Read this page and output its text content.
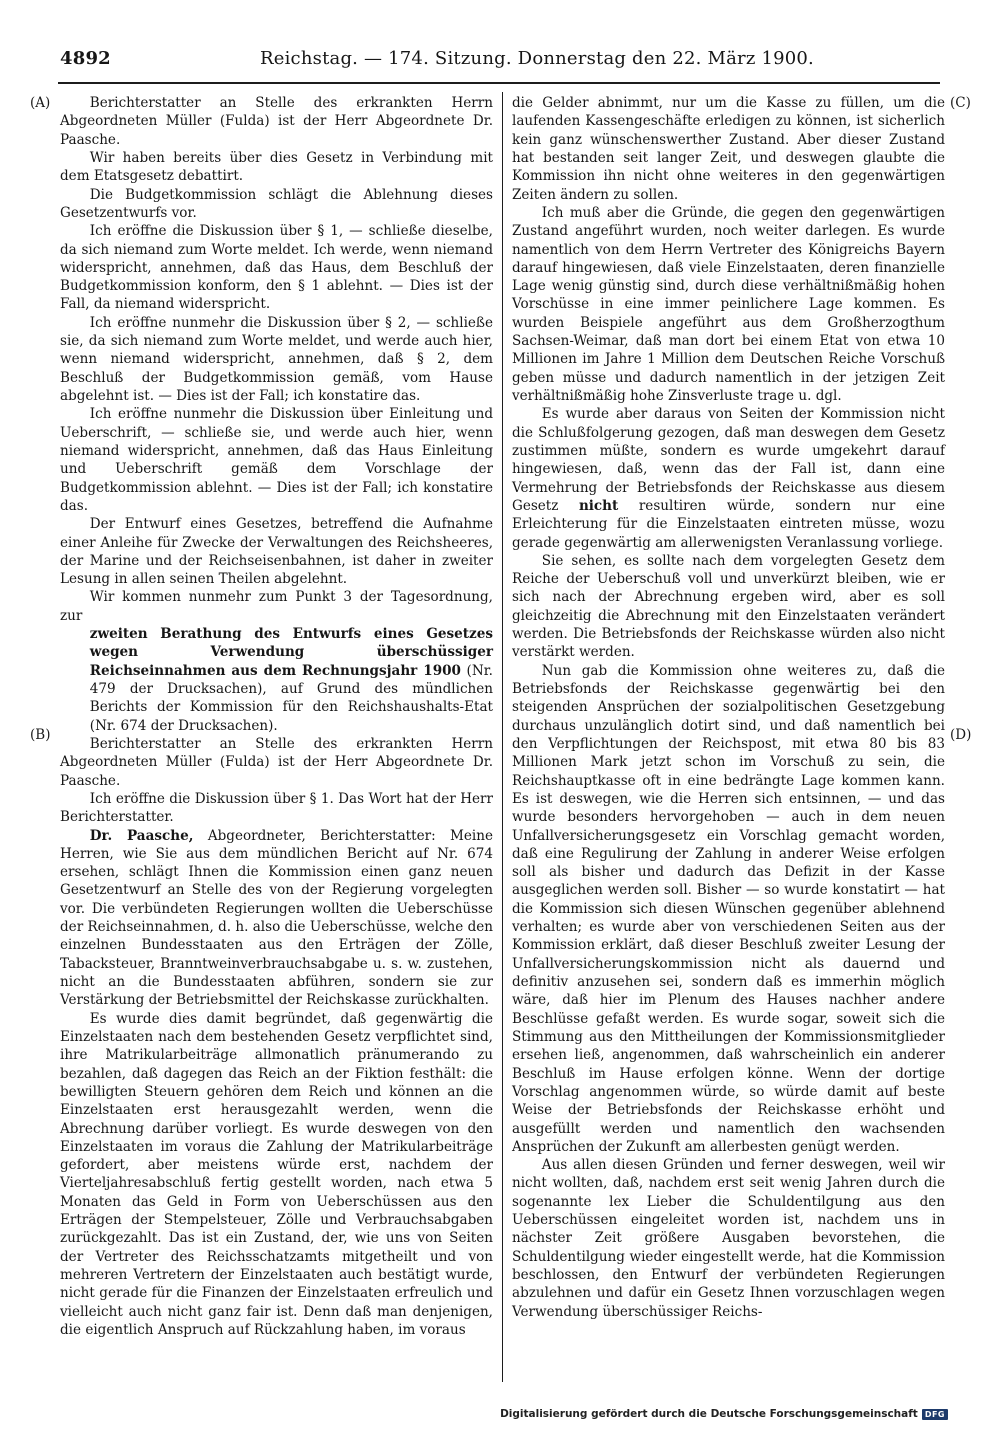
4892	Reichstag. — 174. Sitzung. Donnerstag den 22. März 1900.
(A)
(B)
(C)
(D)

Berichterstatter an Stelle des erkrankten Herrn Abgeordneten Müller (Fulda) ist der Herr Abgeordnete Dr. Paasche.

Wir haben bereits über dies Gesetz in Verbindung mit dem Etatsgesetz debattirt.

Die Budgetkommission schlägt die Ablehnung dieses Gesetzentwurfs vor.

Ich eröffne die Diskussion über § 1, — schließe dieselbe, da sich niemand zum Worte meldet. Ich werde, wenn niemand widerspricht, annehmen, daß das Haus, dem Beschluß der Budgetkommission konform, den § 1 ablehnt. — Dies ist der Fall, da niemand widerspricht.

Ich eröffne nunmehr die Diskussion über § 2, — schließe sie, da sich niemand zum Worte meldet, und werde auch hier, wenn niemand widerspricht, annehmen, daß § 2, dem Beschluß der Budgetkommission gemäß, vom Hause abgelehnt ist. — Dies ist der Fall; ich konstatire das.

Ich eröffne nunmehr die Diskussion über Einleitung und Ueberschrift, — schließe sie, und werde auch hier, wenn niemand widerspricht, annehmen, daß das Haus Einleitung und Ueberschrift gemäß dem Vorschlage der Budgetkommission ablehnt. — Dies ist der Fall; ich konstatire das.

Der Entwurf eines Gesetzes, betreffend die Aufnahme einer Anleihe für Zwecke der Verwaltungen des Reichsheeres, der Marine und der Reichseisenbahnen, ist daher in zweiter Lesung in allen seinen Theilen abgelehnt.

Wir kommen nunmehr zum Punkt 3 der Tagesordnung, zur

zweiten Berathung des Entwurfs eines Gesetzes wegen Verwendung überschüssiger Reichseinnahmen aus dem Rechnungsjahr 1900 (Nr. 479 der Drucksachen), auf Grund des mündlichen Berichts der Kommission für den Reichshaushalts-Etat (Nr. 674 der Drucksachen).

Berichterstatter an Stelle des erkrankten Herrn Abgeordneten Müller (Fulda) ist der Herr Abgeordnete Dr. Paasche.

Ich eröffne die Diskussion über § 1. Das Wort hat der Herr Berichterstatter.

Dr. Paasche, Abgeordneter, Berichterstatter: Meine Herren, wie Sie aus dem mündlichen Bericht auf Nr. 674 ersehen, schlägt Ihnen die Kommission einen ganz neuen Gesetzentwurf an Stelle des von der Regierung vorgelegten vor. Die verbündeten Regierungen wollten die Ueberschüsse der Reichseinnahmen, d. h. also die Ueberschüsse, welche den einzelnen Bundesstaaten aus den Erträgen der Zölle, Tabacksteuer, Branntweinverbrauchsabgabe u. s. w. zustehen, nicht an die Bundesstaaten abführen, sondern sie zur Verstärkung der Betriebsmittel der Reichskasse zurückhalten.

Es wurde dies damit begründet, daß gegenwärtig die Einzelstaaten nach dem bestehenden Gesetz verpflichtet sind, ihre Matrikularbeiträge allmonatlich pränumerando zu bezahlen, daß dagegen das Reich an der Fiktion festhält: die bewilligten Steuern gehören dem Reich und können an die Einzelstaaten erst herausgezahlt werden, wenn die Abrechnung darüber vorliegt. Es wurde deswegen von den Einzelstaaten im voraus die Zahlung der Matrikularbeiträge gefordert, aber meistens würde erst, nachdem der Vierteljahresabschluß fertig gestellt worden, nach etwa 5 Monaten das Geld in Form von Ueberschüssen aus den Erträgen der Stempelsteuer, Zölle und Verbrauchsabgaben zurückgezahlt. Das ist ein Zustand, der, wie uns von Seiten der Vertreter des Reichsschatzamts mitgetheilt und von mehreren Vertretern der Einzelstaaten auch bestätigt wurde, nicht gerade für die Finanzen der Einzelstaaten erfreulich und vielleicht auch nicht ganz fair ist. Denn daß man denjenigen, die eigentlich Anspruch auf Rückzahlung haben, im voraus

die Gelder abnimmt, nur um die Kasse zu füllen, um die laufenden Kassengeschäfte erledigen zu können, ist sicherlich kein ganz wünschenswerther Zustand. Aber dieser Zustand hat bestanden seit langer Zeit, und deswegen glaubte die Kommission ihn nicht ohne weiteres in den gegenwärtigen Zeiten ändern zu sollen.

Ich muß aber die Gründe, die gegen den gegenwärtigen Zustand angeführt wurden, noch weiter darlegen. Es wurde namentlich von dem Herrn Vertreter des Königreichs Bayern darauf hingewiesen, daß viele Einzelstaaten, deren finanzielle Lage wenig günstig sind, durch diese verhältnißmäßig hohen Vorschüsse in eine immer peinlichere Lage kommen. Es wurden Beispiele angeführt aus dem Großherzogthum Sachsen-Weimar, daß man dort bei einem Etat von etwa 10 Millionen im Jahre 1 Million dem Deutschen Reiche Vorschuß geben müsse und dadurch namentlich in der jetzigen Zeit verhältnißmäßig hohe Zinsverluste trage u. dgl.

Es wurde aber daraus von Seiten der Kommission nicht die Schlußfolgerung gezogen, daß man deswegen dem Gesetz zustimmen müßte, sondern es wurde umgekehrt darauf hingewiesen, daß, wenn das der Fall ist, dann eine Vermehrung der Betriebsfonds der Reichskasse aus diesem Gesetz nicht resultiren würde, sondern nur eine Erleichterung für die Einzelstaaten eintreten müsse, wozu gerade gegenwärtig am allerwenigsten Veranlassung vorliege.

Sie sehen, es sollte nach dem vorgelegten Gesetz dem Reiche der Ueberschuß voll und unverkürzt bleiben, wie er sich nach der Abrechnung ergeben wird, aber es soll gleichzeitig die Abrechnung mit den Einzelstaaten verändert werden. Die Betriebsfonds der Reichskasse würden also nicht verstärkt werden.

Nun gab die Kommission ohne weiteres zu, daß die Betriebsfonds der Reichskasse gegenwärtig bei den steigenden Ansprüchen der sozialpolitischen Gesetzgebung durchaus unzulänglich dotirt sind, und daß namentlich bei den Verpflichtungen der Reichspost, mit etwa 80 bis 83 Millionen Mark jetzt schon im Vorschuß zu sein, die Reichshauptkasse oft in eine bedrängte Lage kommen kann. Es ist deswegen, wie die Herren sich entsinnen, — und das wurde besonders hervorgehoben — auch in dem neuen Unfallversicherungsgesetz ein Vorschlag gemacht worden, daß eine Regulirung der Zahlung in anderer Weise erfolgen soll als bisher und dadurch das Defizit in der Kasse ausgeglichen werden soll. Bisher — so wurde konstatirt — hat die Kommission sich diesen Wünschen gegenüber ablehnend verhalten; es wurde aber von verschiedenen Seiten aus der Kommission erklärt, daß dieser Beschluß zweiter Lesung der Unfallversicherungskommission nicht als dauernd und definitiv anzusehen sei, sondern daß es immerhin möglich wäre, daß hier im Plenum des Hauses nachher andere Beschlüsse gefaßt werden. Es wurde sogar, soweit sich die Stimmung aus den Mittheilungen der Kommissionsmitglieder ersehen ließ, angenommen, daß wahrscheinlich ein anderer Beschluß im Hause erfolgen könne. Wenn der dortige Vorschlag angenommen würde, so würde damit auf beste Weise der Betriebsfonds der Reichskasse erhöht und ausgefüllt werden und namentlich den wachsenden Ansprüchen der Zukunft am allerbesten genügt werden.

Aus allen diesen Gründen und ferner deswegen, weil wir nicht wollten, daß, nachdem erst seit wenig Jahren durch die sogenannte lex Lieber die Schuldentilgung aus den Ueberschüssen eingeleitet worden ist, nachdem uns in nächster Zeit größere Ausgaben bevorstehen, die Schuldentilgung wieder eingestellt werde, hat die Kommission beschlossen, den Entwurf der verbündeten Regierungen abzulehnen und dafür ein Gesetz Ihnen vorzuschlagen wegen Verwendung überschüssiger Reichs-

Digitalisierung gefördert durch die Deutsche Forschungsgemeinschaft DFG
